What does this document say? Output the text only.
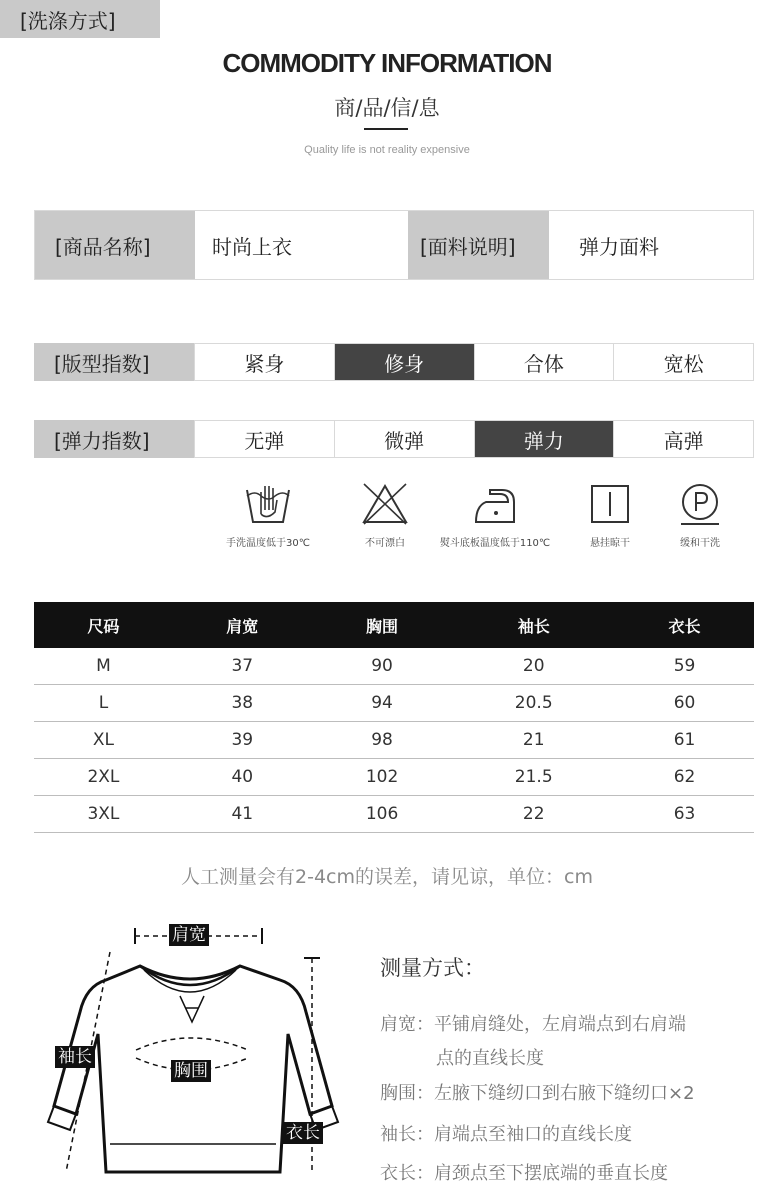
COMMODITY INFORMATION
商/品/信/息
Quality life is not reality expensive
[商品名称]	时尚上衣	[面料说明]	弹力面料
[版型指数]	紧身	修身	合体	宽松
[弹力指数]	无弹	微弹	弹力	高弹
[洗涤方式]
手洗温度低于30℃	不可漂白	熨斗底板温度低于110℃	悬挂晾干	缓和干洗
尺码	肩宽	胸围	袖长	衣长
M	37	90	20	59
L	38	94	20.5	60
XL	39	98	21	61
2XL	40	102	21.5	62
3XL	41	106	22	63
人工测量会有2-4cm的误差，请见谅，单位：cm
肩宽
胸围
袖长
衣长
测量方式：
肩宽：平铺肩缝处，左肩端点到右肩端
点的直线长度
胸围：左腋下缝纫口到右腋下缝纫口×2
袖长：肩端点至袖口的直线长度
衣长：肩颈点至下摆底端的垂直长度
